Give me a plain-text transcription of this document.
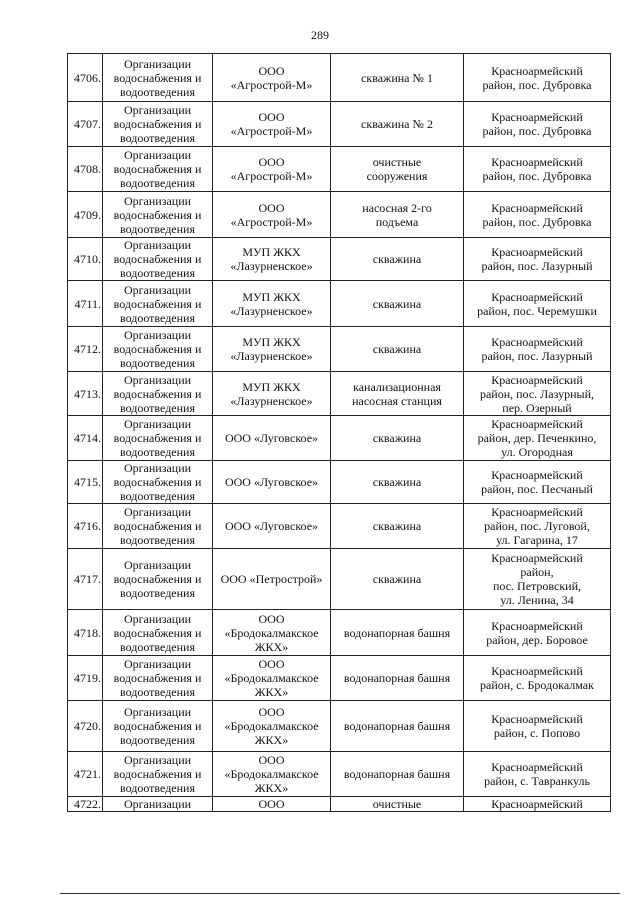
289
4706.	Организации
водоснабжения и
водоотведения	ООО
«Агрострой-М»	скважина № 1	Красноармейский
район, пос. Дубровка

4707.	Организации
водоснабжения и
водоотведения	ООО
«Агрострой-М»	скважина № 2	Красноармейский
район, пос. Дубровка

4708.	Организации
водоснабжения и
водоотведения	ООО
«Агрострой-М»	очистные
сооружения	Красноармейский
район, пос. Дубровка

4709.	Организации
водоснабжения и
водоотведения	ООО
«Агрострой-М»	насосная 2-го
подъема	Красноармейский
район, пос. Дубровка

4710.	Организации
водоснабжения и
водоотведения	МУП ЖКХ
«Лазурненское»	скважина	Красноармейский
район, пос. Лазурный

4711.	Организации
водоснабжения и
водоотведения	МУП ЖКХ
«Лазурненское»	скважина	Красноармейский
район, пос. Черемушки

4712.	Организации
водоснабжения и
водоотведения	МУП ЖКХ
«Лазурненское»	скважина	Красноармейский
район, пос. Лазурный

4713.	Организации
водоснабжения и
водоотведения	МУП ЖКХ
«Лазурненское»	канализационная
насосная станция	Красноармейский
район, пос. Лазурный,
пер. Озерный

4714.	Организации
водоснабжения и
водоотведения	ООО «Луговское»	скважина	Красноармейский
район, дер. Печенкино,
ул. Огородная

4715.	Организации
водоснабжения и
водоотведения	ООО «Луговское»	скважина	Красноармейский
район, пос. Песчаный

4716.	Организации
водоснабжения и
водоотведения	ООО «Луговское»	скважина	Красноармейский
район, пос. Луговой,
ул. Гагарина, 17

4717.	Организации
водоснабжения и
водоотведения	ООО «Петрострой»	скважина	Красноармейский
район,
пос. Петровский,
ул. Ленина, 34

4718.	Организации
водоснабжения и
водоотведения	ООО
«Бродокалмакское
ЖКХ»	водонапорная башня	Красноармейский
район, дер. Боровое

4719.	Организации
водоснабжения и
водоотведения	ООО
«Бродокалмакское
ЖКХ»	водонапорная башня	Красноармейский
район, с. Бродокалмак

4720.	Организации
водоснабжения и
водоотведения	ООО
«Бродокалмакское
ЖКХ»	водонапорная башня	Красноармейский
район, с. Попово

4721.	Организации
водоснабжения и
водоотведения	ООО
«Бродокалмакское
ЖКХ»	водонапорная башня	Красноармейский
район, с. Тавранкуль

4722.	Организации	ООО	очистные	Красноармейский
